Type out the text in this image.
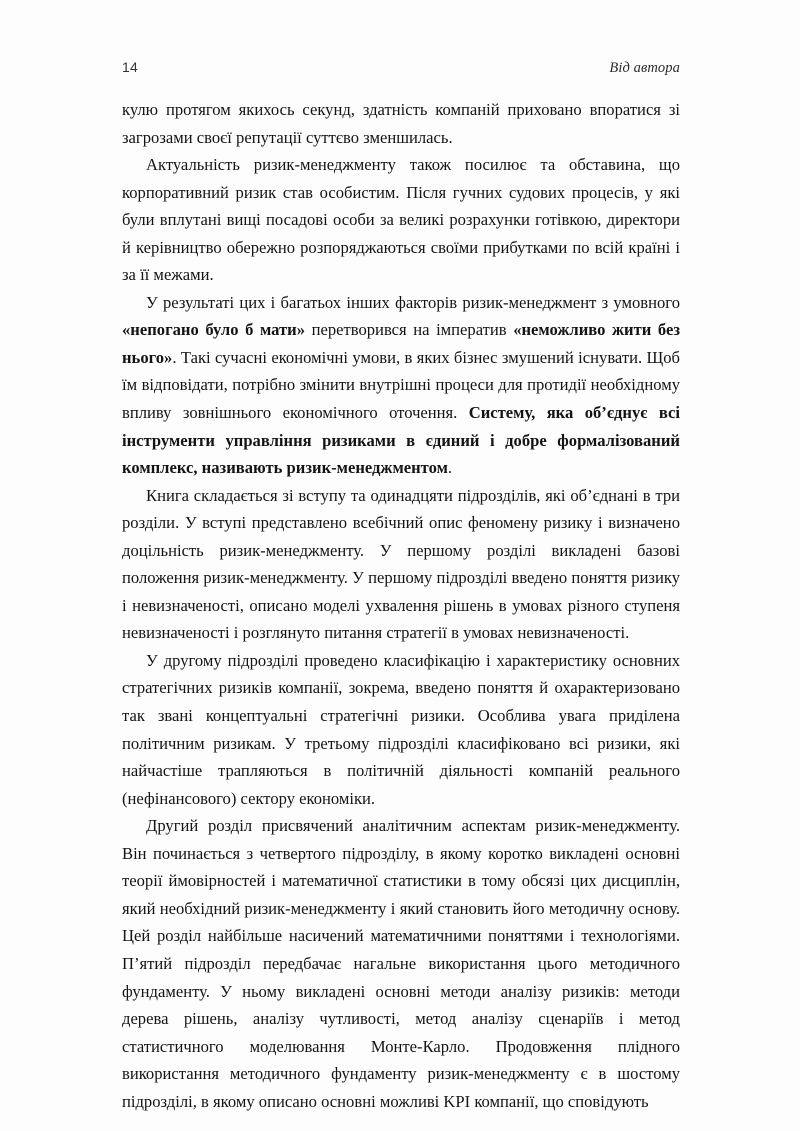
14	Від автора

кулю протягом якихось секунд, здатність компаній приховано впоратися зі загрозами своєї репутації суттєво зменшилась.

Актуальність ризик-менеджменту також посилює та обставина, що корпоративний ризик став особистим. Після гучних судових процесів, у які були вплутані вищі посадові особи за великі розрахунки готівкою, директори й керівництво обережно розпоряджаються своїми прибутками по всій країні і за її межами.

У результаті цих і багатьох інших факторів ризик-менеджмент з умовного «непогано було б мати» перетворився на імператив «неможливо жити без нього». Такі сучасні економічні умови, в яких бізнес змушений існувати. Щоб їм відповідати, потрібно змінити внутрішні процеси для протидії необхідному впливу зовнішнього економічного оточення. Систему, яка об’єднує всі інструменти управління ризиками в єдиний і добре формалізований комплекс, називають ризик-менеджментом.

Книга складається зі вступу та одинадцяти підрозділів, які об’єднані в три розділи. У вступі представлено всебічний опис феномену ризику і визначено доцільність ризик-менеджменту. У першому розділі викладені базові положення ризик-менеджменту. У першому підрозділі введено поняття ризику і невизначеності, описано моделі ухвалення рішень в умовах різного ступеня невизначеності і розглянуто питання стратегії в умовах невизначеності.

У другому підрозділі проведено класифікацію і характеристику основних стратегічних ризиків компанії, зокрема, введено поняття й охарактеризовано так звані концептуальні стратегічні ризики. Особлива увага приділена політичним ризикам. У третьому підрозділі класифіковано всі ризики, які найчастіше трапляються в політичній діяльності компаній реального (нефінансового) сектору економіки.

Другий розділ присвячений аналітичним аспектам ризик-менеджменту. Він починається з четвертого підрозділу, в якому коротко викладені основні теорії ймовірностей і математичної статистики в тому обсязі цих дисциплін, який необхідний ризик-менеджменту і який становить його методичну основу. Цей розділ найбільше насичений математичними поняттями і технологіями. П’ятий підрозділ передбачає нагальне використання цього методичного фундаменту. У ньому викладені основні методи аналізу ризиків: методи дерева рішень, аналізу чутливості, метод аналізу сценаріїв і метод статистичного моделювання Монте-Карло. Продовження плідного використання методичного фундаменту ризик-менеджменту є в шостому підрозділі, в якому описано основні можливі KPI компанії, що сповідують
